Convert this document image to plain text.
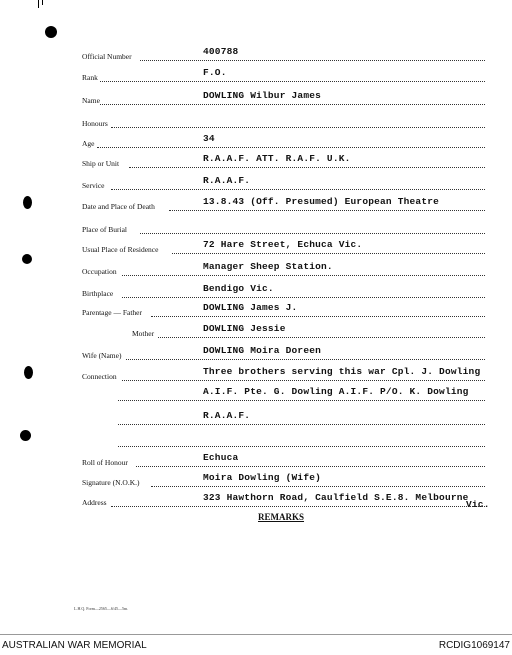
Official Number	400788
Rank	F.O.
Name	DOWLING Wilbur James
Honours
Age	34
Ship or Unit	R.A.A.F. ATT. R.A.F. U.K.
Service	R.A.A.F.
Date and Place of Death	13.8.43 (Off. Presumed) European Theatre
Place of Burial
Usual Place of Residence	72 Hare Street, Echuca Vic.
Occupation	Manager Sheep Station.
Birthplace	Bendigo Vic.
Parentage — Father	DOWLING James J.
Mother	DOWLING Jessie
Wife (Name)	DOWLING Moira Doreen
Connection	Three brothers serving this war Cpl. J. Dowling
A.I.F. Pte. G. Dowling A.I.F. P/O. K. Dowling
R.A.A.F.
Roll of Honour	Echuca
Signature (N.O.K.)	Moira Dowling (Wife)
Address	323 Hawthorn Road, Caulfield S.E.8. Melbourne
Vic.
REMARKS
L.H.Q. Form—2565—6/45—5m.
AUSTRALIAN WAR MEMORIAL	RCDIG1069147
